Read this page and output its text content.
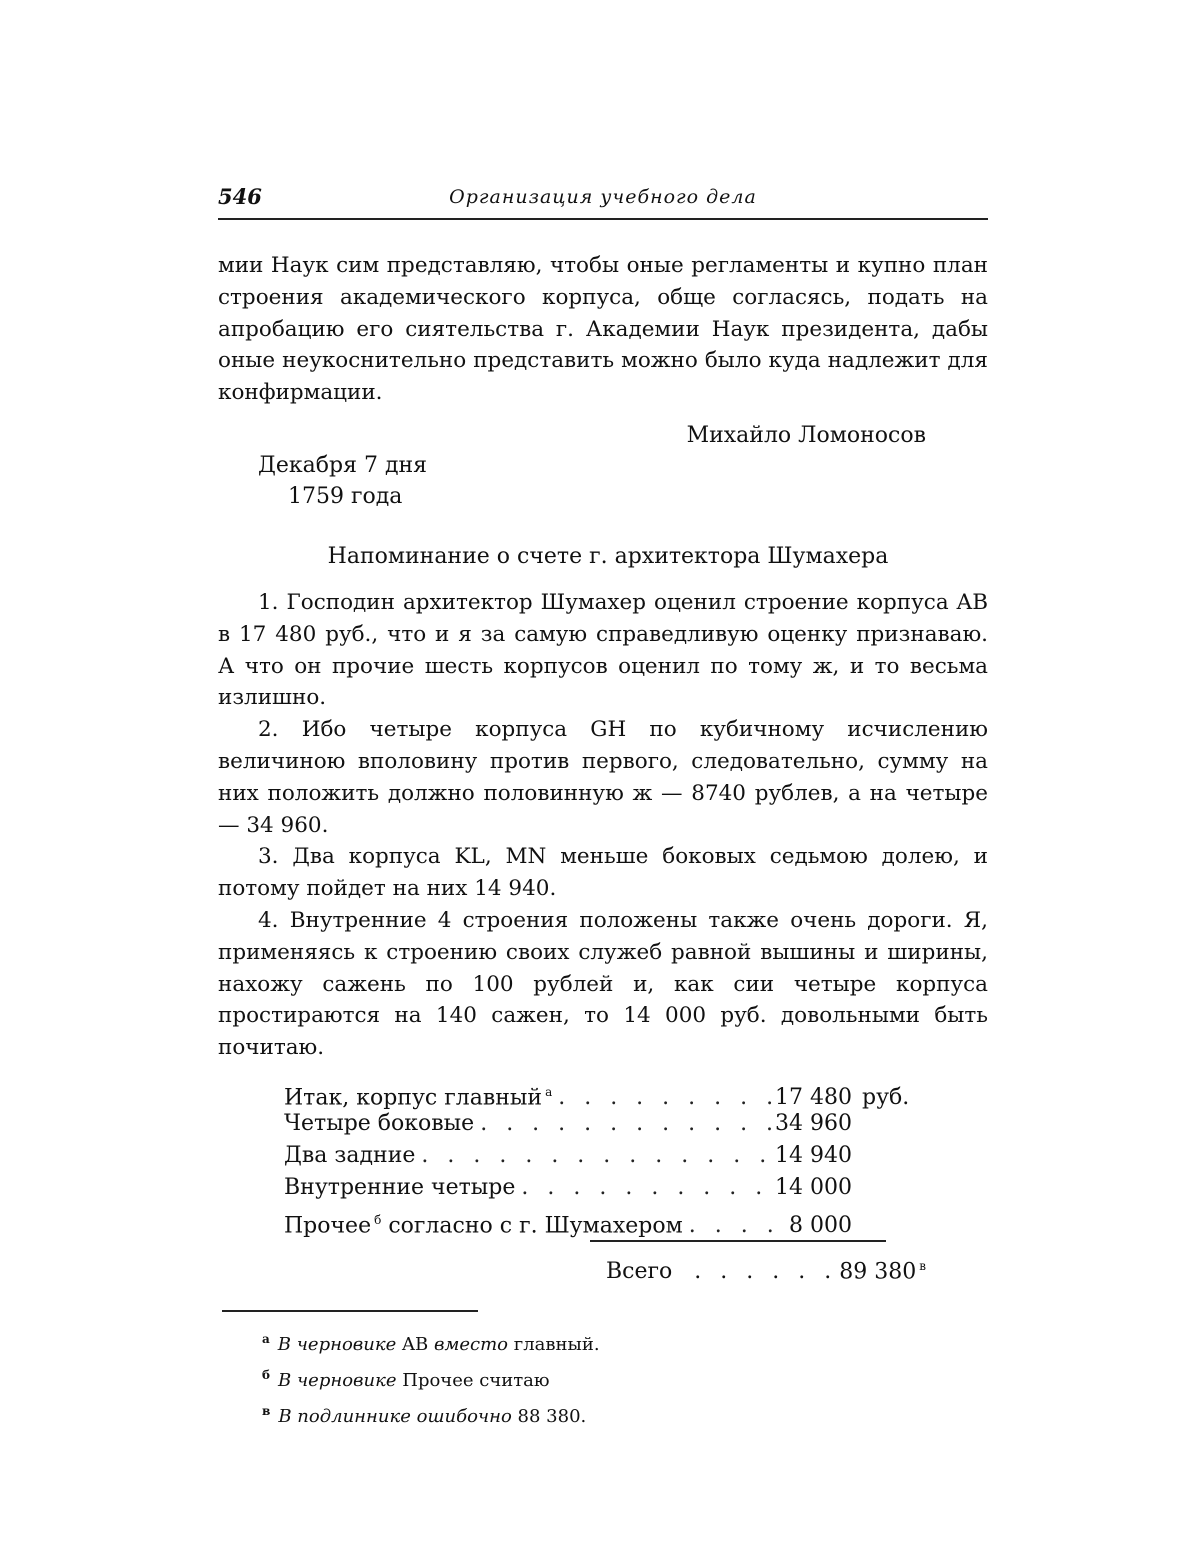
546	Организация учебного дела

мии Наук сим представляю, чтобы оные регламенты и купно план строения академического корпуса, обще согласясь, подать на апробацию его сиятельства г. Академии Наук президента, дабы оные неукоснительно представить можно было куда надлежит для конфирмации.

Михайло Ломоносов
Декабря 7 дня
1759 года
Напоминание о счете г. архитектора Шумахера

1. Господин архитектор Шумахер оценил строение корпуса AB в 17 480 руб., что и я за самую справедливую оценку признаваю. А что он прочие шесть корпусов оценил по тому ж, и то весьма излишно.

2. Ибо четыре корпуса GH по кубичному исчислению величиною вполовину против первого, следовательно, сумму на них положить должно половинную ж — 8740 рублев, а на четыре — 34 960.

3. Два корпуса KL, MN меньше боковых седьмою долею, и потому пойдет на них 14 940.

4. Внутренние 4 строения положены также очень дороги. Я, применяясь к строению своих служеб равной вышины и ширины, нахожу сажень по 100 рублей и, как сии четыре корпуса простираются на 140 сажен, то 14 000 руб. довольными быть почитаю.

Итак, корпус главный $^а$ . . .	17 480 руб.
Четыре боковые . . .	34 960
Два задние . . .	14 940
Внутренние четыре . . .	14 000
Прочее $^б$ согласно с г. Шумахером . . .	8 000
Всего . . .	89 380 $^в$
$^а$ В черновике AB вместо главный.
$^б$ В черновике Прочее считаю
$^в$ В подлиннике ошибочно 88 380.
